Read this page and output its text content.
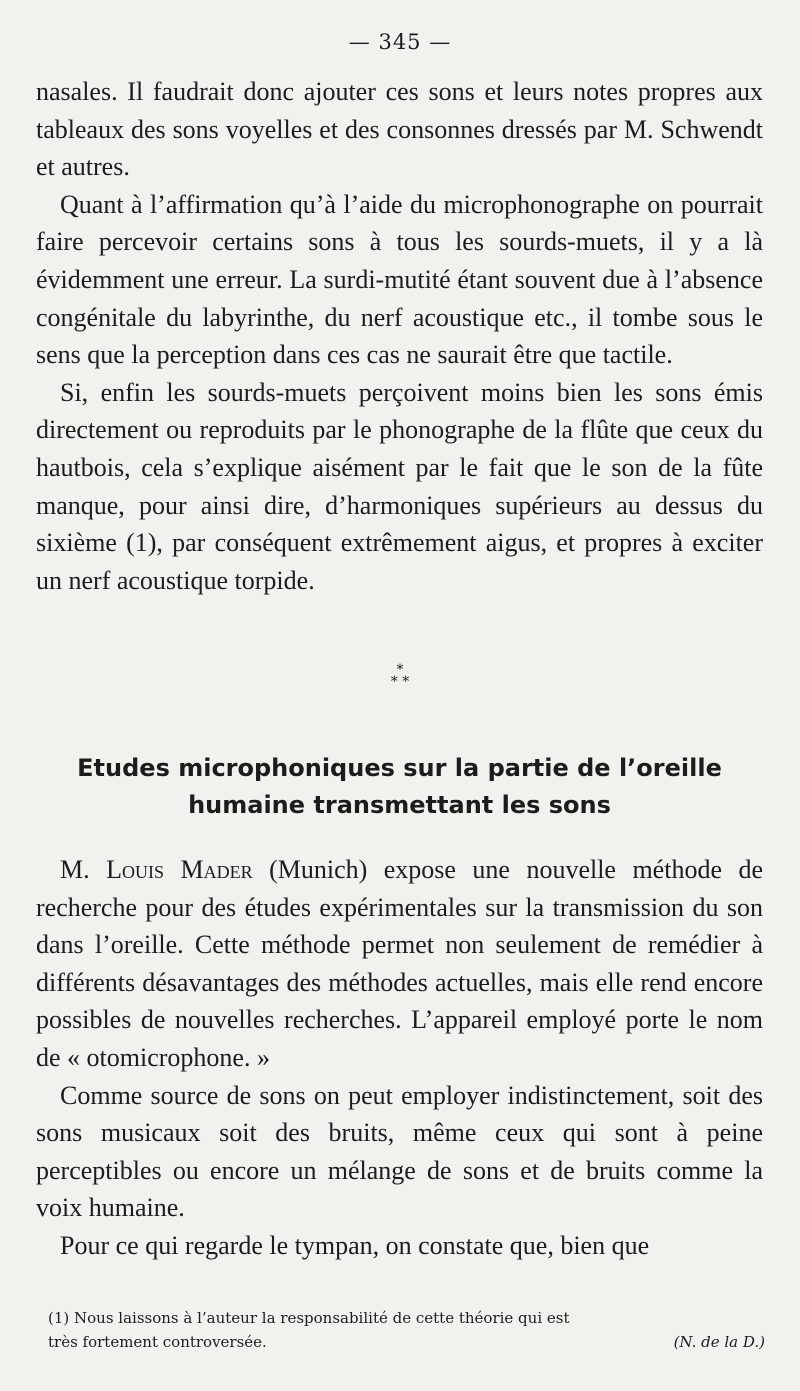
— 345 —

nasales. Il faudrait donc ajouter ces sons et leurs notes propres aux tableaux des sons voyelles et des consonnes dressés par M. Schwendt et autres.

Quant à l’affirmation qu’à l’aide du microphonographe on pourrait faire percevoir certains sons à tous les sourds-muets, il y a là évidemment une erreur. La surdi-mutité étant souvent due à l’absence congénitale du labyrinthe, du nerf acoustique etc., il tombe sous le sens que la perception dans ces cas ne saurait être que tactile.

Si, enfin les sourds-muets perçoivent moins bien les sons émis directement ou reproduits par le phonographe de la flûte que ceux du hautbois, cela s’explique aisément par le fait que le son de la fûte manque, pour ainsi dire, d’harmoniques supérieurs au dessus du sixième (1), par conséquent extrêmement aigus, et propres à exciter un nerf acoustique torpide.

*
* *
Etudes microphoniques sur la partie de l’oreille humaine transmettant les sons

M. Louis Mader (Munich) expose une nouvelle méthode de recherche pour des études expérimentales sur la transmission du son dans l’oreille. Cette méthode permet non seulement de remédier à différents désavantages des méthodes actuelles, mais elle rend encore possibles de nouvelles recherches. L’appareil employé porte le nom de « otomicrophone. »

Comme source de sons on peut employer indistinctement, soit des sons musicaux soit des bruits, même ceux qui sont à peine perceptibles ou encore un mélange de sons et de bruits comme la voix humaine.

Pour ce qui regarde le tympan, on constate que, bien que

(1) Nous laissons à l’auteur la responsabilité de cette théorie qui est
très fortement controversée.	(N. de la D.)
